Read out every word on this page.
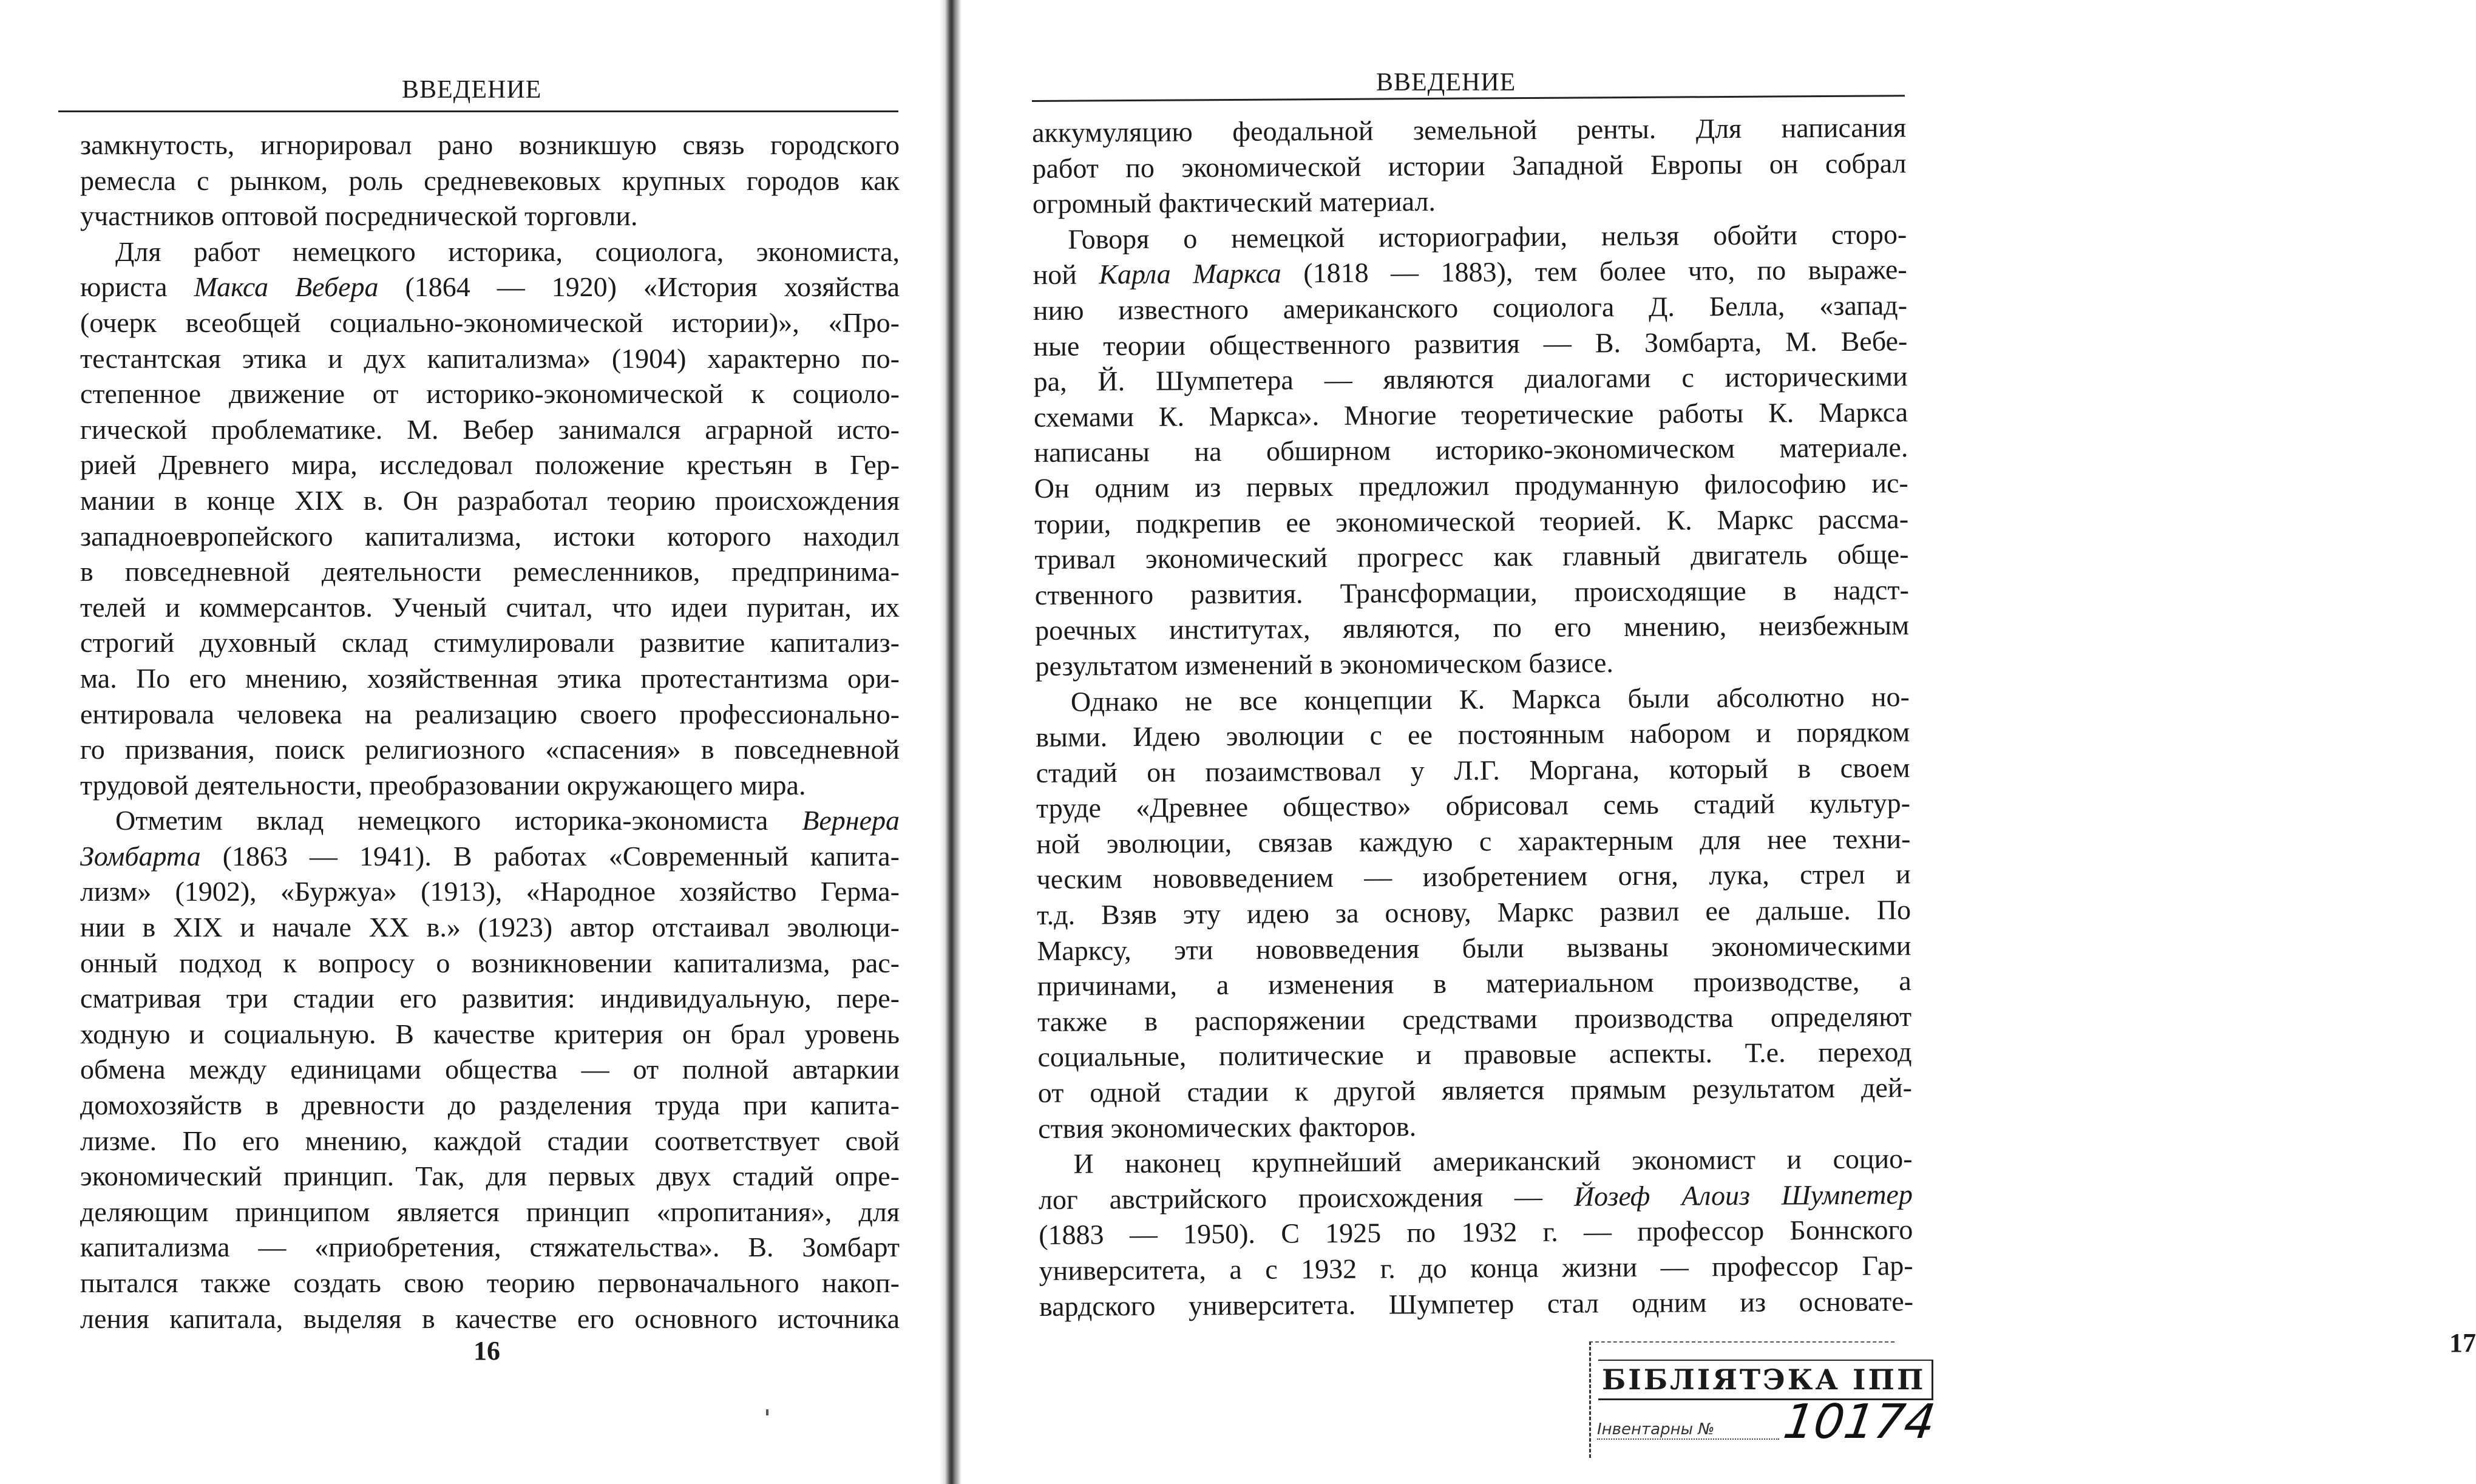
ВВЕДЕНИЕ
замкнутость, игнорировал рано возникшую связь городского
ремесла с рынком, роль средневековых крупных городов как
участников оптовой посреднической торговли.
Для работ немецкого историка, социолога, экономиста,
юриста Макса Вебера (1864 — 1920) «История хозяйства
(очерк всеобщей социально-экономической истории)», «Про-
тестантская этика и дух капитализма» (1904) характерно по-
степенное движение от историко-экономической к социоло-
гической проблематике. М. Вебер занимался аграрной исто-
рией Древнего мира, исследовал положение крестьян в Гер-
мании в конце XIX в. Он разработал теорию происхождения
западноевропейского капитализма, истоки которого находил
в повседневной деятельности ремесленников, предпринима-
телей и коммерсантов. Ученый считал, что идеи пуритан, их
строгий духовный склад стимулировали развитие капитализ-
ма. По его мнению, хозяйственная этика протестантизма ори-
ентировала человека на реализацию своего профессионально-
го призвания, поиск религиозного «спасения» в повседневной
трудовой деятельности, преобразовании окружающего мира.
Отметим вклад немецкого историка-экономиста Вернера
Зомбарта (1863 — 1941). В работах «Современный капита-
лизм» (1902), «Буржуа» (1913), «Народное хозяйство Герма-
нии в XIX и начале XX в.» (1923) автор отстаивал эволюци-
онный подход к вопросу о возникновении капитализма, рас-
сматривая три стадии его развития: индивидуальную, пере-
ходную и социальную. В качестве критерия он брал уровень
обмена между единицами общества — от полной автаркии
домохозяйств в древности до разделения труда при капита-
лизме. По его мнению, каждой стадии соответствует свой
экономический принцип. Так, для первых двух стадий опре-
деляющим принципом является принцип «пропитания», для
капитализма — «приобретения, стяжательства». В. Зомбарт
пытался также создать свою теорию первоначального накоп-
ления капитала, выделяя в качестве его основного источника
16
ВВЕДЕНИЕ
аккумуляцию феодальной земельной ренты. Для написания
работ по экономической истории Западной Европы он собрал
огромный фактический материал.
Говоря о немецкой историографии, нельзя обойти сторо-
ной Карла Маркса (1818 — 1883), тем более что, по выраже-
нию известного американского социолога Д. Белла, «запад-
ные теории общественного развития — В. Зомбарта, М. Вебе-
ра, Й. Шумпетера — являются диалогами с историческими
схемами К. Маркса». Многие теоретические работы К. Маркса
написаны на обширном историко-экономическом материале.
Он одним из первых предложил продуманную философию ис-
тории, подкрепив ее экономической теорией. К. Маркс рассма-
тривал экономический прогресс как главный двигатель обще-
ственного развития. Трансформации, происходящие в надст-
роечных институтах, являются, по его мнению, неизбежным
результатом изменений в экономическом базисе.
Однако не все концепции К. Маркса были абсолютно но-
выми. Идею эволюции с ее постоянным набором и порядком
стадий он позаимствовал у Л.Г. Моргана, который в своем
труде «Древнее общество» обрисовал семь стадий культур-
ной эволюции, связав каждую с характерным для нее техни-
ческим нововведением — изобретением огня, лука, стрел и
т.д. Взяв эту идею за основу, Маркс развил ее дальше. По
Марксу, эти нововведения были вызваны экономическими
причинами, а изменения в материальном производстве, а
также в распоряжении средствами производства определяют
социальные, политические и правовые аспекты. Т.е. переход
от одной стадии к другой является прямым результатом дей-
ствия экономических факторов.
И наконец крупнейший американский экономист и социо-
лог австрийского происхождения — Йозеф Алоиз Шумпетер
(1883 — 1950). С 1925 по 1932 г. — профессор Боннского
университета, а с 1932 г. до конца жизни — профессор Гар-
вардского университета. Шумпетер стал одним из основате-
17
БІБЛІЯТЭКА ІПП
Інвентарны №	10174
